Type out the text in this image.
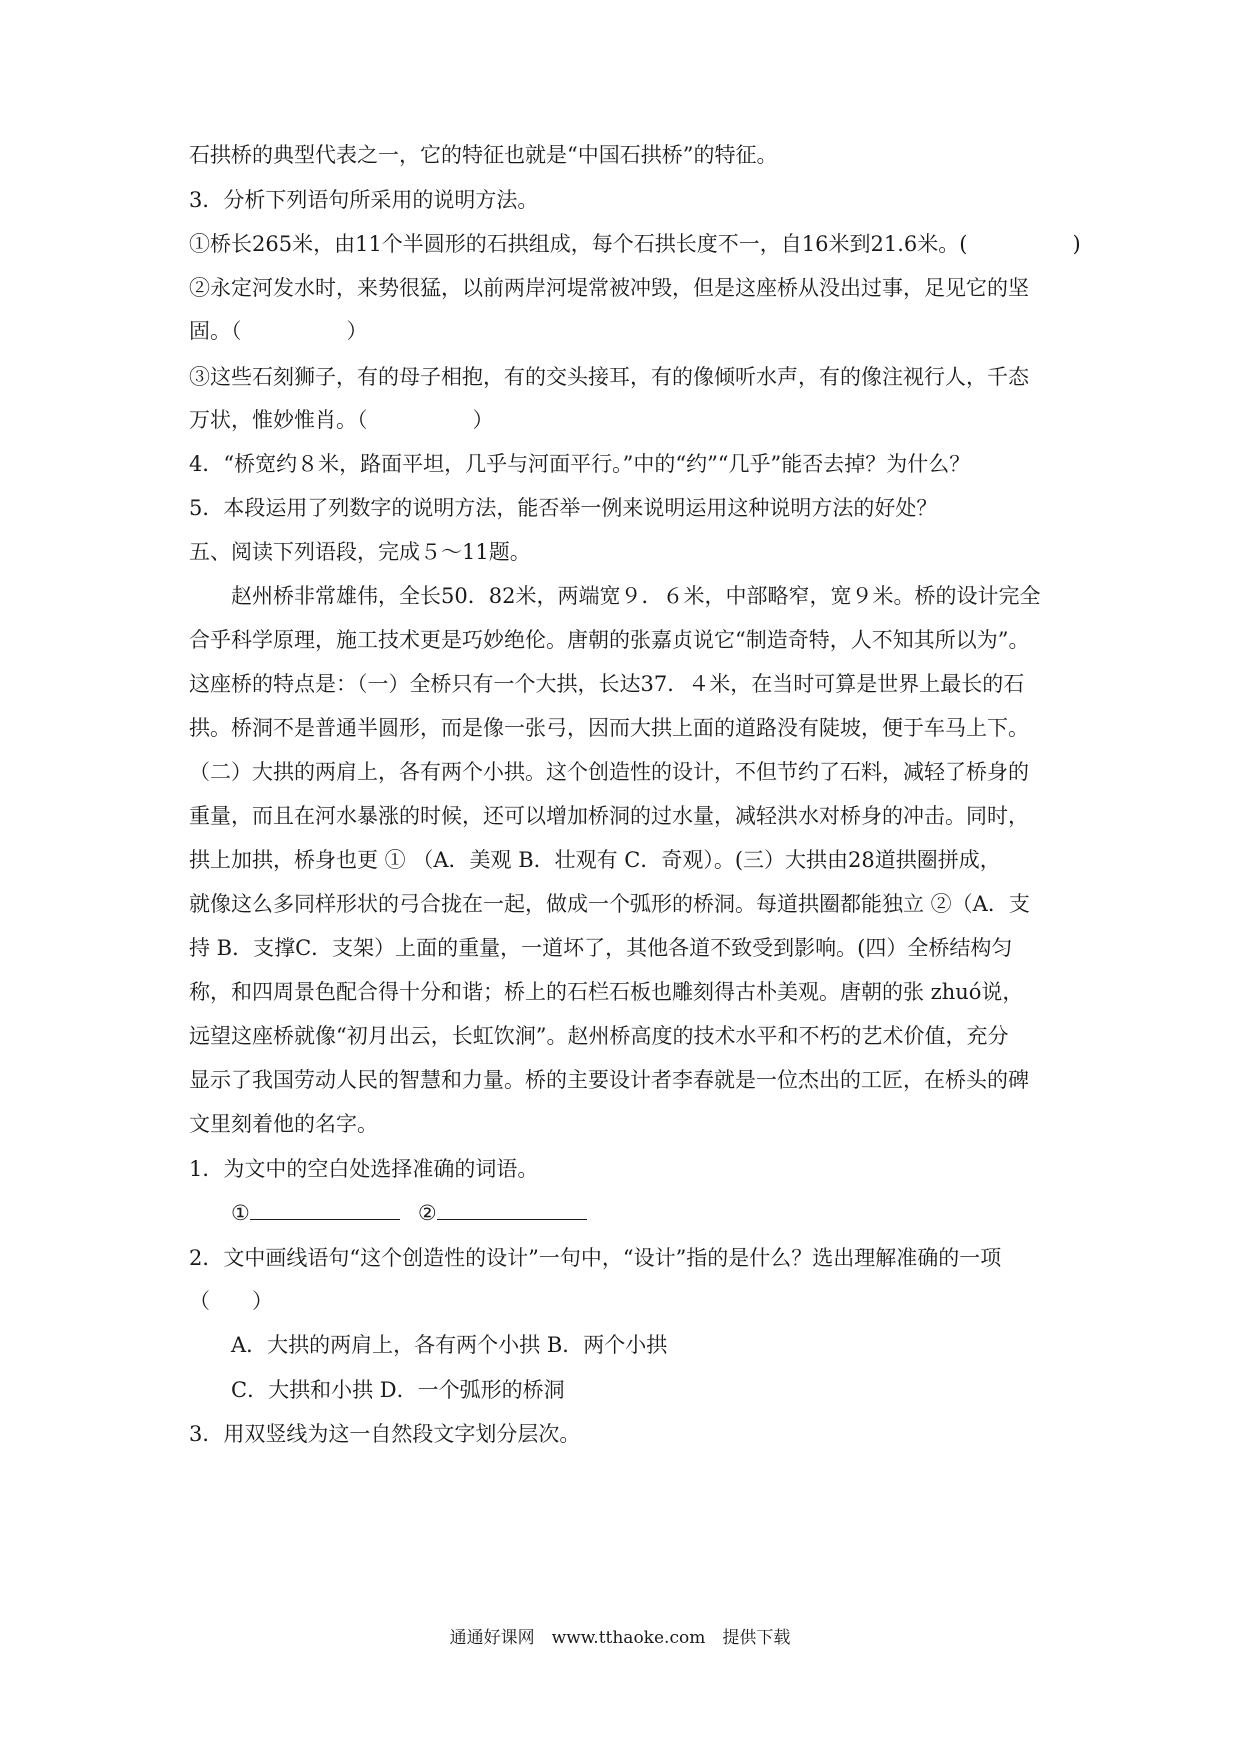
石拱桥的典型代表之一，它的特征也就是“中国石拱桥”的特征。
3．分析下列语句所采用的说明方法。
①桥长265米，由11个半圆形的石拱组成，每个石拱长度不一，自16米到21.6米。(　　　　　)
②永定河发水时，来势很猛，以前两岸河堤常被冲毁，但是这座桥从没出过事，足见它的坚
固。（　　　　　）
③这些石刻狮子，有的母子相抱，有的交头接耳，有的像倾听水声，有的像注视行人，千态
万状，惟妙惟肖。（　　　　　）
4．“桥宽约８米，路面平坦，几乎与河面平行。”中的“约”“几乎”能否去掉？为什么？
5．本段运用了列数字的说明方法，能否举一例来说明运用这种说明方法的好处？
五、阅读下列语段，完成５～11题。
赵州桥非常雄伟，全长50．82米，两端宽９．６米，中部略窄，宽９米。桥的设计完全
合乎科学原理，施工技术更是巧妙绝伦。唐朝的张嘉贞说它“制造奇特，人不知其所以为”。
这座桥的特点是：（一）全桥只有一个大拱，长达37．４米，在当时可算是世界上最长的石
拱。桥洞不是普通半圆形，而是像一张弓，因而大拱上面的道路没有陡坡，便于车马上下。
（二）大拱的两肩上，各有两个小拱。这个创造性的设计，不但节约了石料，减轻了桥身的
重量，而且在河水暴涨的时候，还可以增加桥洞的过水量，减轻洪水对桥身的冲击。同时，
拱上加拱，桥身也更 ① （A．美观 B．壮观有 C．奇观）。(三）大拱由28道拱圈拼成，
就像这么多同样形状的弓合拢在一起，做成一个弧形的桥洞。每道拱圈都能独立 ②（A．支
持 B．支撑C．支架）上面的重量，一道坏了，其他各道不致受到影响。(四）全桥结构匀
称，和四周景色配合得十分和谐；桥上的石栏石板也雕刻得古朴美观。唐朝的张 zhuó说，
远望这座桥就像“初月出云，长虹饮涧”。赵州桥高度的技术水平和不朽的艺术价值，充分
显示了我国劳动人民的智慧和力量。桥的主要设计者李春就是一位杰出的工匠，在桥头的碑
文里刻着他的名字。
1．为文中的空白处选择准确的词语。
①	②
2．文中画线语句“这个创造性的设计”一句中，“设计”指的是什么？选出理解准确的一项
（　　）
A．大拱的两肩上，各有两个小拱 B．两个小拱
C．大拱和小拱 D．一个弧形的桥洞
3．用双竖线为这一自然段文字划分层次。
通通好课网　www.tthaoke.com　提供下载
